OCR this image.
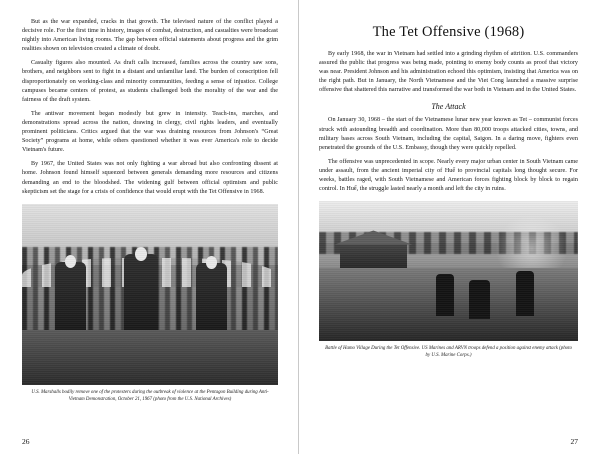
But as the war expanded, cracks in that growth. The televised nature of the conflict played a decisive role. For the first time in history, images of combat, destruction, and casualties were broadcast nightly into American living rooms. The gap between official statements about progress and the grim realities shown on television created a climate of doubt.

Casualty figures also mounted. As draft calls increased, families across the country saw sons, brothers, and neighbors sent to fight in a distant and unfamiliar land. The burden of conscription fell disproportionately on working-class and minority communities, feeding a sense of injustice. College campuses became centers of protest, as students challenged both the morality of the war and the fairness of the draft system.

The antiwar movement began modestly but grew in intensity. Teach-ins, marches, and demonstrations spread across the nation, drawing in clergy, civil rights leaders, and eventually prominent politicians. Critics argued that the war was draining resources from Johnson's “Great Society” programs at home, while others questioned whether it was ever America's role to decide Vietnam's future.

By 1967, the United States was not only fighting a war abroad but also confronting dissent at home. Johnson found himself squeezed between generals demanding more resources and citizens demanding an end to the bloodshed. The widening gulf between official optimism and public skepticism set the stage for a crisis of confidence that would erupt with the Tet Offensive in 1968.

U.S. Marshalls bodily remove one of the protesters during the outbreak of violence at the Pentagon Building during Anti-Vietnam Demonstration, October 21, 1967 (photo from the U.S. National Archives)
26
The Tet Offensive (1968)

By early 1968, the war in Vietnam had settled into a grinding rhythm of attrition. U.S. commanders assured the public that progress was being made, pointing to enemy body counts as proof that victory was near. President Johnson and his administration echoed this optimism, insisting that America was on the right path. But in January, the North Vietnamese and the Viet Cong launched a massive surprise offensive that shattered this narrative and transformed the war both in Vietnam and in the United States.

The Attack

On January 30, 1968 – the start of the Vietnamese lunar new year known as Tet – communist forces struck with astounding breadth and coordination. More than 80,000 troops attacked cities, towns, and military bases across South Vietnam, including the capital, Saigon. In a daring move, fighters even penetrated the grounds of the U.S. Embassy, though they were quickly repelled.

The offensive was unprecedented in scope. Nearly every major urban center in South Vietnam came under assault, from the ancient imperial city of Huế to provincial capitals long thought secure. For weeks, battles raged, with South Vietnamese and American forces fighting block by block to regain control. In Huế, the struggle lasted nearly a month and left the city in ruins.

Battle of Hamo Village During the Tet Offensive. US Marines and ARVN troops defend a position against enemy attack (photo by U.S. Marine Corps.)
27
